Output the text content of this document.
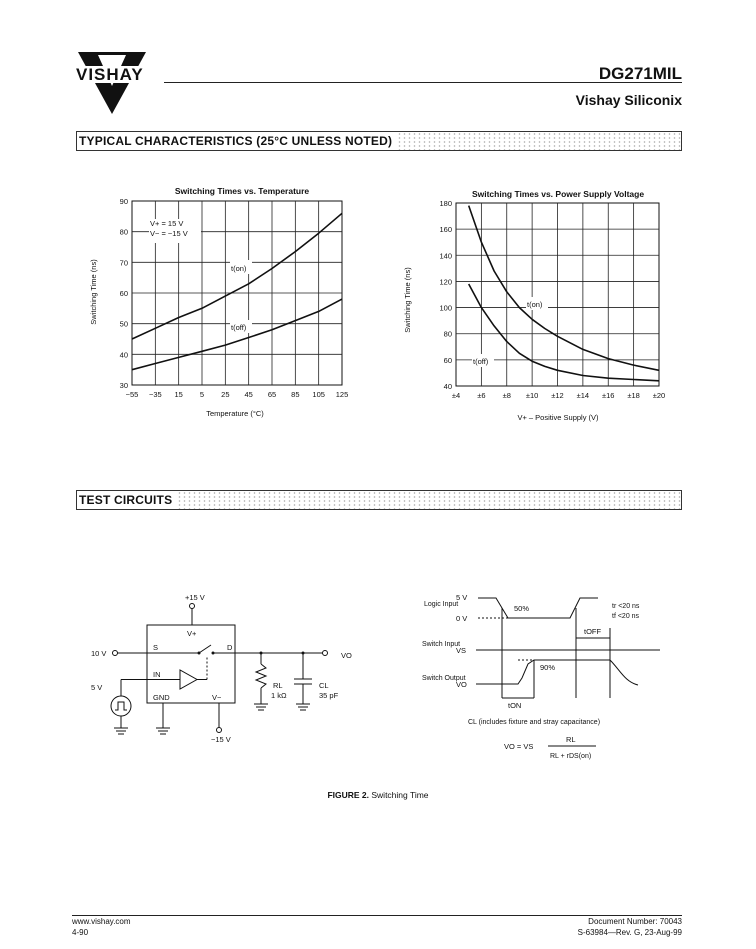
VISHAY	DG271MIL
Vishay Siliconix
TYPICAL CHARACTERISTICS (25°C UNLESS NOTED)
Switching Times vs. Temperature
30
40
50
60
70
80
90
−55 −35 15 5 25 45 65 85 105 125
Switching Time (ns)
Temperature (°C)
V+ = 15 V
V− = −15 V
t(on)
t(off)
Switching Times vs. Power Supply Voltage
40
60
80
100
120
140
160
180
±4 ±6 ±8 ±10 ±12 ±14 ±16 ±18 ±20
Switching Time (ns)
V+ – Positive Supply (V)
t(on)
t(off)
TEST CIRCUITS
+15 V
V+
S	D
IN
GND	V−
10 V
5 V
VO
RL
1 kΩ
CL
35 pF
−15 V
5 V
0 V
Logic Input	50%	tr <20 ns
tf <20 ns
tOFF
Switch Input
VS
Switch Output
VO
90%
tON
CL (includes fixture and stray capacitance)
VO = VS
RL
RL + rDS(on)
FIGURE 2. Switching Time
www.vishay.com
4-90
Document Number: 70043
S-63984—Rev. G, 23-Aug-99
